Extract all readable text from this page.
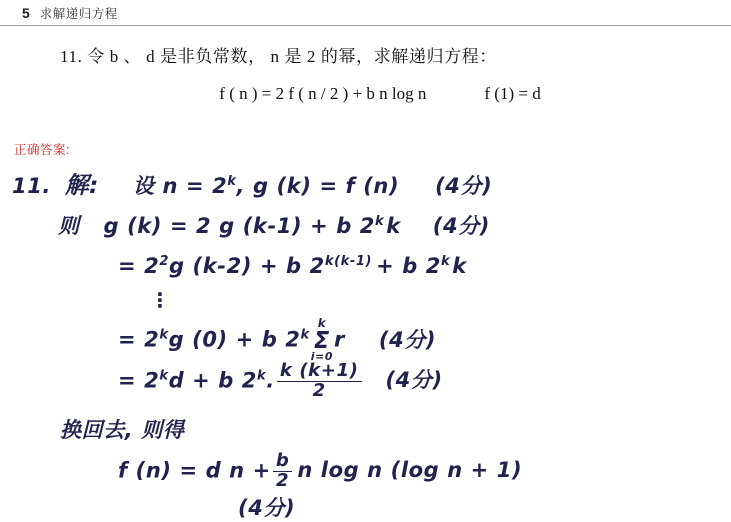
5 求解递归方程
11. 令 b 、 d 是非负常数， n 是 2 的幂，求解递归方程：
f ( n ) = 2 f ( n / 2 ) + b n log n	f (1) = d
正确答案:
11. 解: 设 $n = 2^k$, g (k) = f (n) (4分)
则 g (k) = 2 g (k-1) + b 2$^k$k (4分)
= $2^2g$ (k-2) + b $2^{k(k-1)} + b$ 2$^k$k
⋮
= $2^kg$ (0) + b 2$^k$
k
Σ
i=0
r (4分)
= $2^kd + b$ 2$^k$. $\frac{k (k+1)}{2} (4$分)
换回去, 则得
f (n) = d $n + \frac{b}{2}$ n log n (log n + 1)
(4分)
